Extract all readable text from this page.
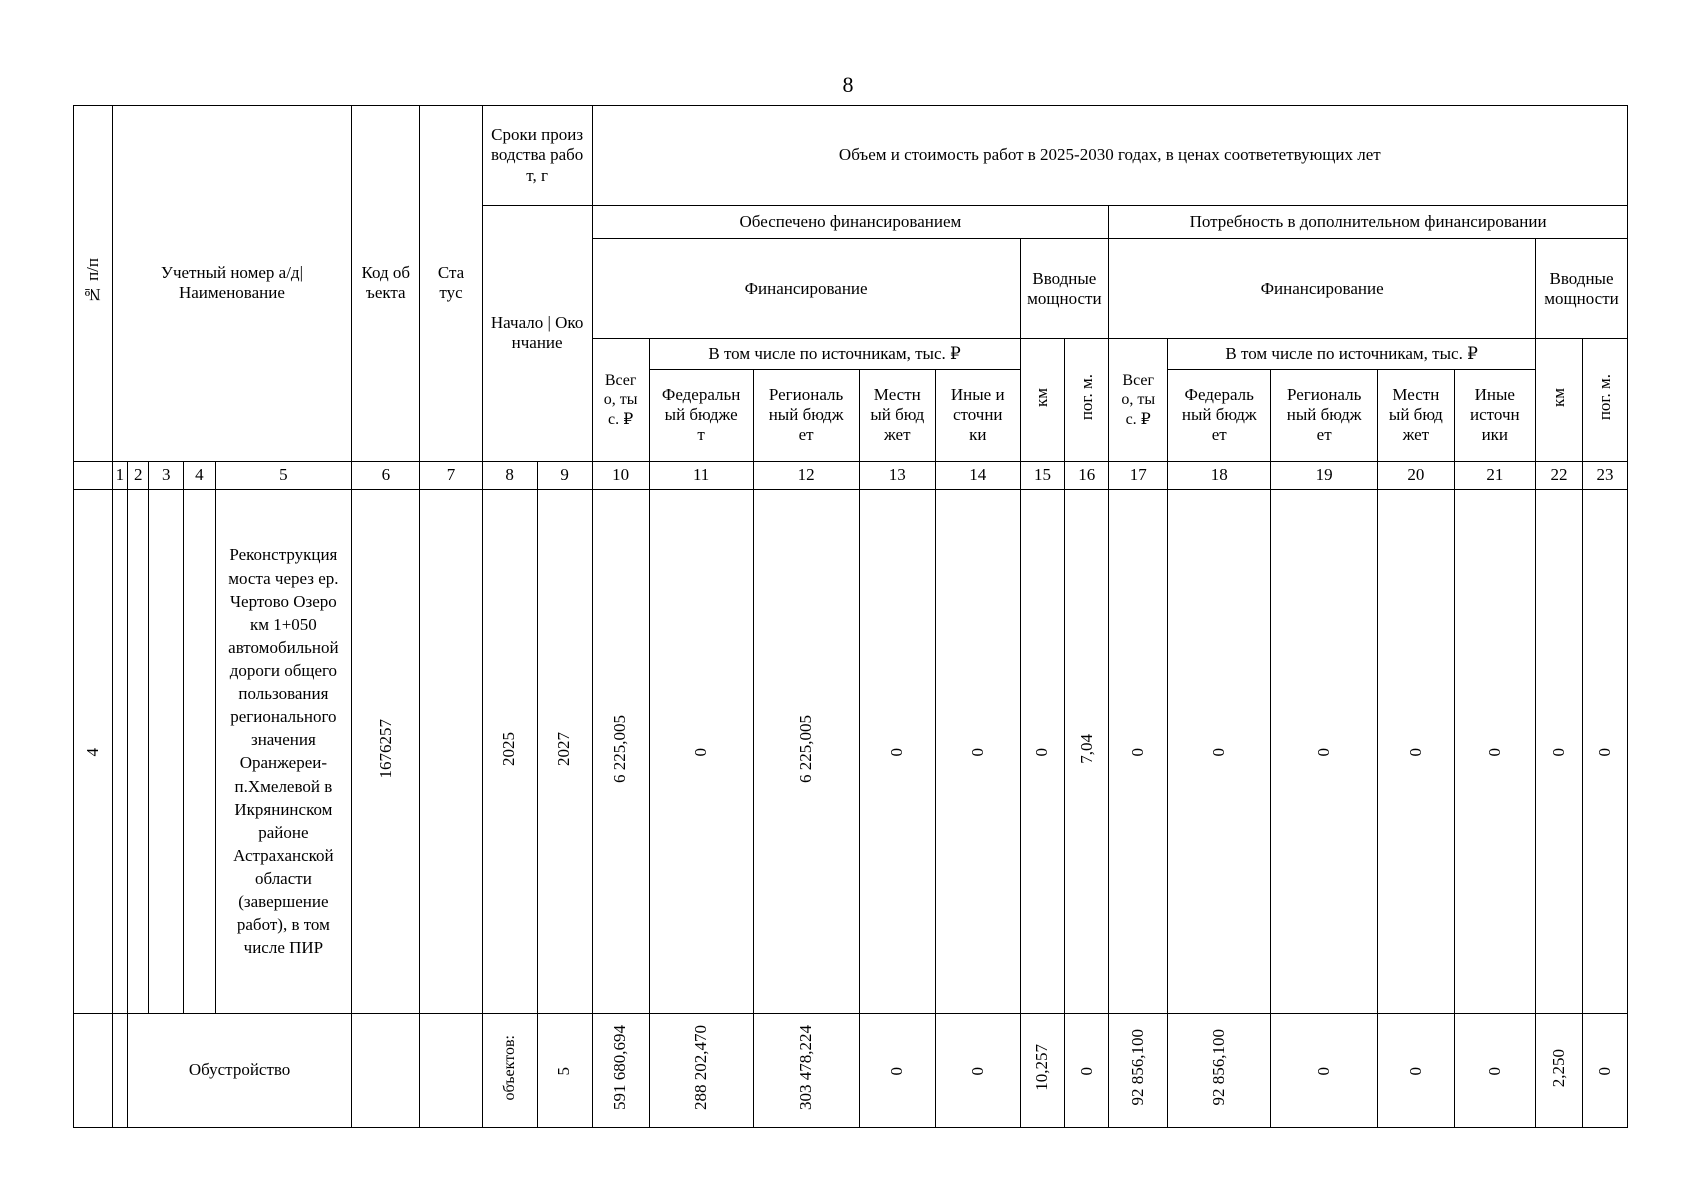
8
№ п/п	Учетный номер а/д| Наименование					Код объекта	Статус	Сроки производства работ, г		Объем и стоимость работ в 2025-2030 годах, в ценах соответетвующих лет													

								Начало | Окончание		Обеспечено финансированием							Потребность в дополнительном финансировании						
										Финансирование					Вводные мощности		Финансирование					Вводные мощности	

										Всего, тыс. ₽	В том числе по источникам, тыс. ₽				км	пог. м.	Всего, тыс. ₽	В том числе по источникам, тыс. ₽				км	пог. м.

											Федеральный бюджет	Региональный бюджет	Местный бюджет	Иные источники				Федеральный бюджет	Региональный бюджет	Местный бюджет	Иные источники		

	1	2	3	4	5	6	7	8	9	10	11	12	13	14	15	16	17	18	19	20	21	22	23
4					Реконструкция моста через ер. Чертово Озеро км 1+050 автомобильной дороги общего пользования регионального значения Оранжереи-п.Хмелевой в Икрянинском районе Астраханской области (завершение работ), в том числе ПИР	1676257		2025	2027	6 225,005	0	6 225,005	0	0	0	7,04	0	0	0	0	0	0	0
		Обустройство						объектов:	5	591 680,694	288 202,470	303 478,224	0	0	10,257	0	92 856,100	92 856,100	0	0	0	2,250	0
